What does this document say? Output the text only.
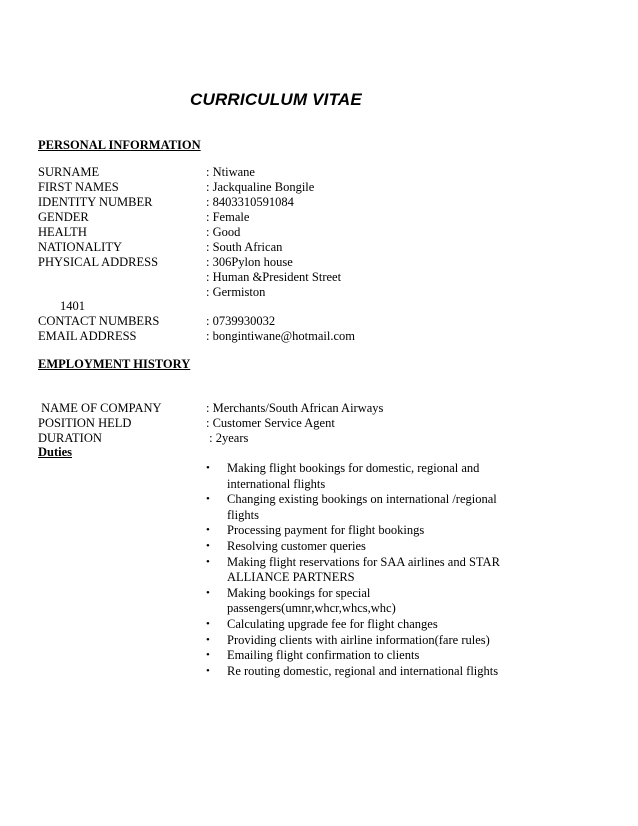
CURRICULUM VITAE
PERSONAL INFORMATION
SURNAME	: Ntiwane
FIRST NAMES	: Jackqualine Bongile
IDENTITY NUMBER	: 8403310591084
GENDER	: Female
HEALTH	: Good
NATIONALITY	: South African
PHYSICAL ADDRESS	: 306Pylon house
: Human &President Street
: Germiston
1401
CONTACT NUMBERS	: 0739930032
EMAIL ADDRESS	: bongintiwane@hotmail.com
EMPLOYMENT HISTORY
NAME OF COMPANY	: Merchants/South African Airways
POSITION HELD	: Customer Service Agent
DURATION	: 2years
Duties
• Making flight bookings for domestic, regional and international flights
• Changing existing bookings on international /regional flights
• Processing payment for flight bookings
• Resolving customer queries
• Making flight reservations for SAA airlines and STAR ALLIANCE PARTNERS
• Making bookings for special passengers(umnr,whcr,whcs,whc)
• Calculating upgrade fee for flight changes
• Providing clients with airline information(fare rules)
• Emailing flight confirmation to clients
• Re routing domestic, regional and international flights
